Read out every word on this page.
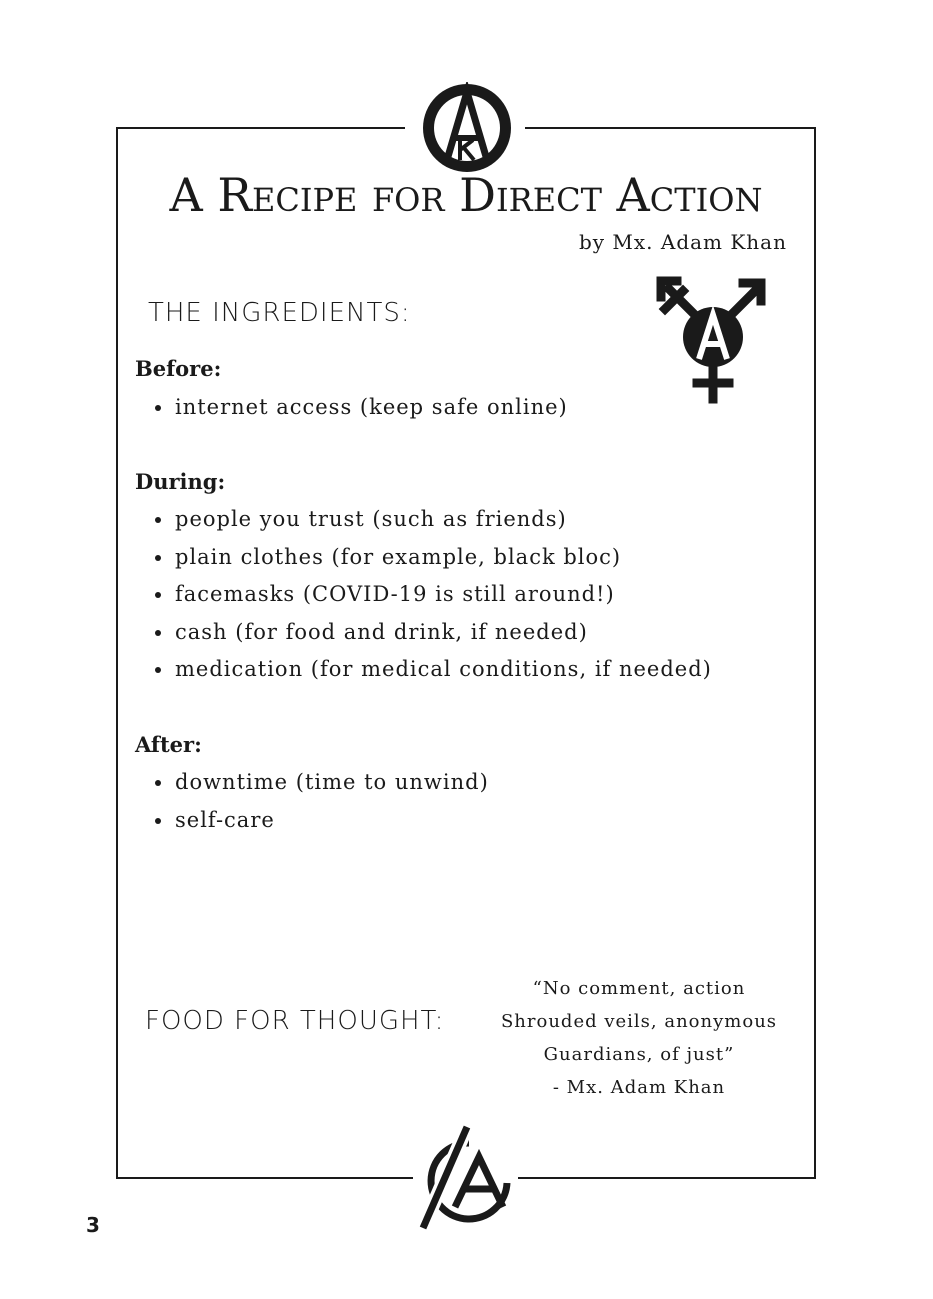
A Recipe for Direct Action

by Mx. Adam Khan

THE INGREDIENTS:

Before:

internet access (keep safe online)

During:

people you trust (such as friends)
plain clothes (for example, black bloc)
facemasks (COVID-19 is still around!)
cash (for food and drink, if needed)
medication (for medical conditions, if needed)

After:

downtime (time to unwind)
self-care
FOOD FOR THOUGHT:

“No comment, action

Shrouded veils, anonymous

Guardians, of just”

- Mx. Adam Khan

3
